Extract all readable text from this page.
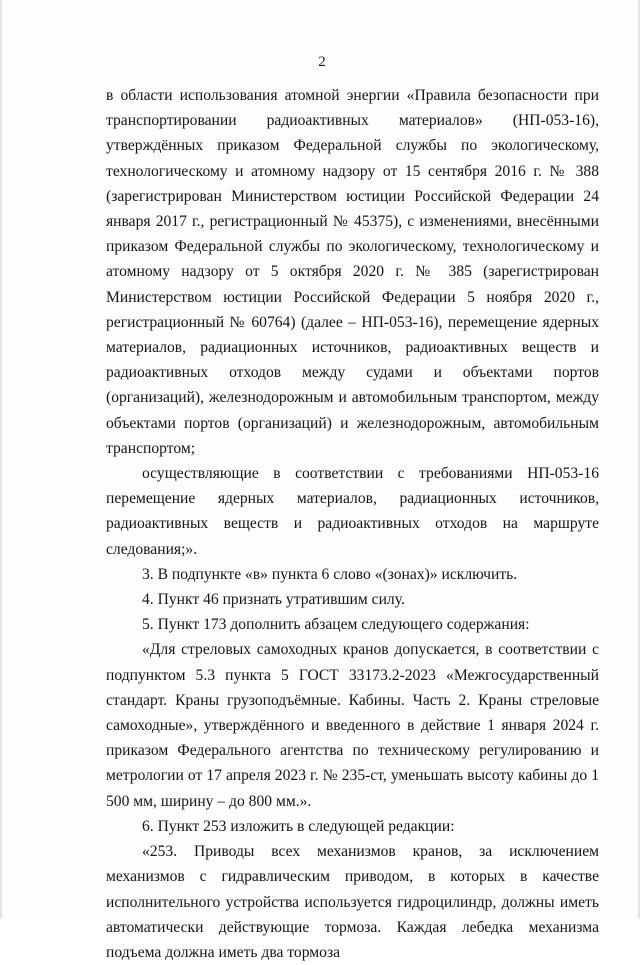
2

в области использования атомной энергии «Правила безопасности при транспортировании радиоактивных материалов» (НП-053-16), утверждённых приказом Федеральной службы по экологическому, технологическому и атомному надзору от 15 сентября 2016 г. № 388 (зарегистрирован Министерством юстиции Российской Федерации 24 января 2017 г., регистрационный № 45375), с изменениями, внесёнными приказом Федеральной службы по экологическому, технологическому и атомному надзору от 5 октября 2020 г. № 385 (зарегистрирован Министерством юстиции Российской Федерации 5 ноября 2020 г., регистрационный № 60764) (далее – НП-053-16), перемещение ядерных материалов, радиационных источников, радиоактивных веществ и радиоактивных отходов между судами и объектами портов (организаций), железнодорожным и автомобильным транспортом, между объектами портов (организаций) и железнодорожным, автомобильным транспортом;

осуществляющие в соответствии с требованиями НП-053-16 перемещение ядерных материалов, радиационных источников, радиоактивных веществ и радиоактивных отходов на маршруте следования;».

3. В подпункте «в» пункта 6 слово «(зонах)» исключить.

4. Пункт 46 признать утратившим силу.

5. Пункт 173 дополнить абзацем следующего содержания:

«Для стреловых самоходных кранов допускается, в соответствии с подпунктом 5.3 пункта 5 ГОСТ 33173.2-2023 «Межгосударственный стандарт. Краны грузоподъёмные. Кабины. Часть 2. Краны стреловые самоходные», утверждённого и введенного в действие 1 января 2024 г. приказом Федерального агентства по техническому регулированию и метрологии от 17 апреля 2023 г. № 235-ст, уменьшать высоту кабины до 1 500 мм, ширину – до 800 мм.».

6. Пункт 253 изложить в следующей редакции:

«253. Приводы всех механизмов кранов, за исключением механизмов с гидравлическим приводом, в которых в качестве исполнительного устройства используется гидроцилиндр, должны иметь автоматически действующие тормоза. Каждая лебедка механизма подъема должна иметь два тормоза
